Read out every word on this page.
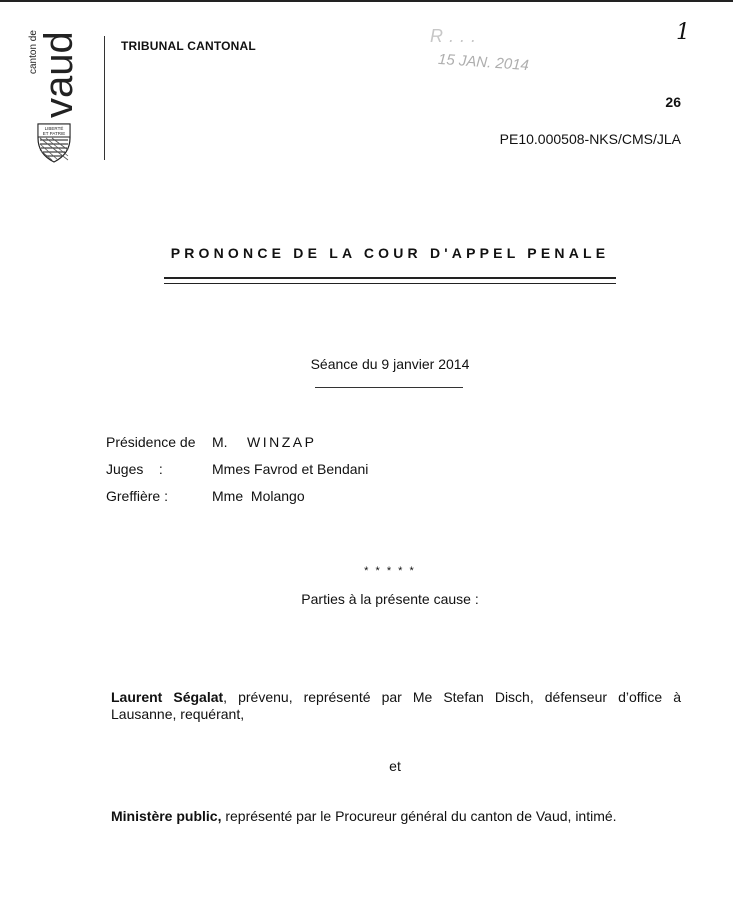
vaud
canton de
LIBERTÉ
ET PATRIE
TRIBUNAL CANTONAL	R...
15 JAN. 2014
1
26
PE10.000508-NKS/CMS/JLA
PRONONCE DE LA COUR D'APPEL PENALE
Séance du 9 janvier 2014
Présidence de M. WINZAP
Juges    :	Mmes Favrod et Bendani
Greffière :	Mme Molango
* * * * *
Parties à la présente cause :
Laurent Ségalat, prévenu, représenté par Me Stefan Disch, défenseur d’office à
Lausanne, requérant,
et
Ministère public, représenté par le Procureur général du canton de Vaud, intimé.
